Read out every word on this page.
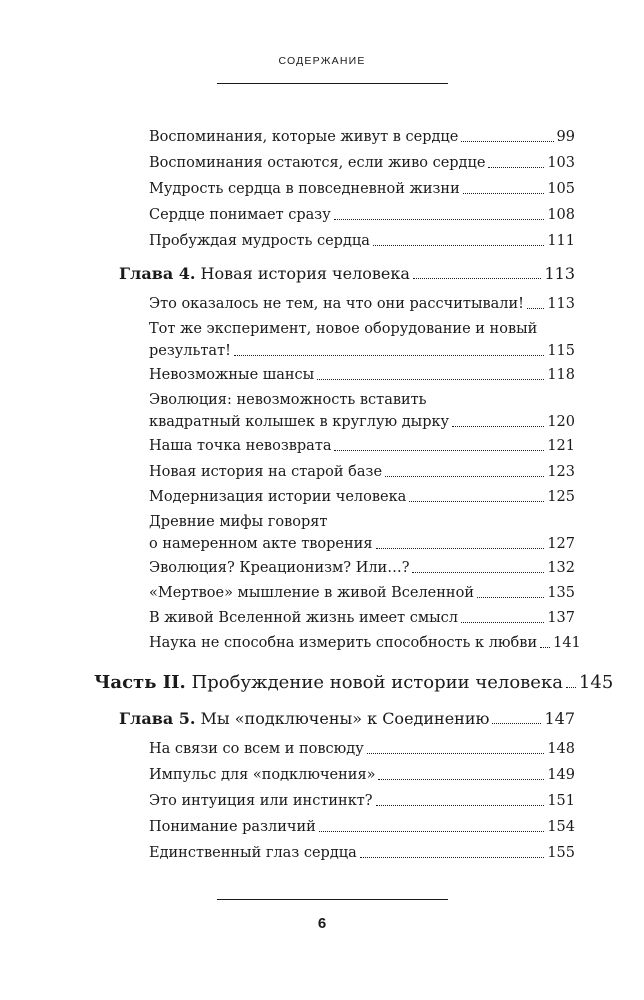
СОДЕРЖАНИЕ
Воспоминания, которые живут в сердце	99
Воспоминания остаются, если живо сердце	103
Мудрость сердца в повседневной жизни	105
Сердце понимает сразу	108
Пробуждая мудрость сердца	111
Глава 4. Новая история человека	113
Это оказалось не тем, на что они рассчитывали! 113
Тот же эксперимент, новое оборудование и новый
результат!	115
Невозможные шансы	118
Эволюция: невозможность вставить
квадратный колышек в круглую дырку	120
Наша точка невозврата	121
Новая история на старой базе	123
Модернизация истории человека	125
Древние мифы говорят
о намеренном акте творения	127
Эволюция? Креационизм? Или…?	132
«Мертвое» мышление в живой Вселенной	135
В живой Вселенной жизнь имеет смысл	137
Наука не способна измерить способность к любви 141
Часть II. Пробуждение новой истории человека 145
Глава 5. Мы «подключены» к Соединению	147
На связи со всем и повсюду	148
Импульс для «подключения»	149
Это интуиция или инстинкт?	151
Понимание различий	154
Единственный глаз сердца	155
6
